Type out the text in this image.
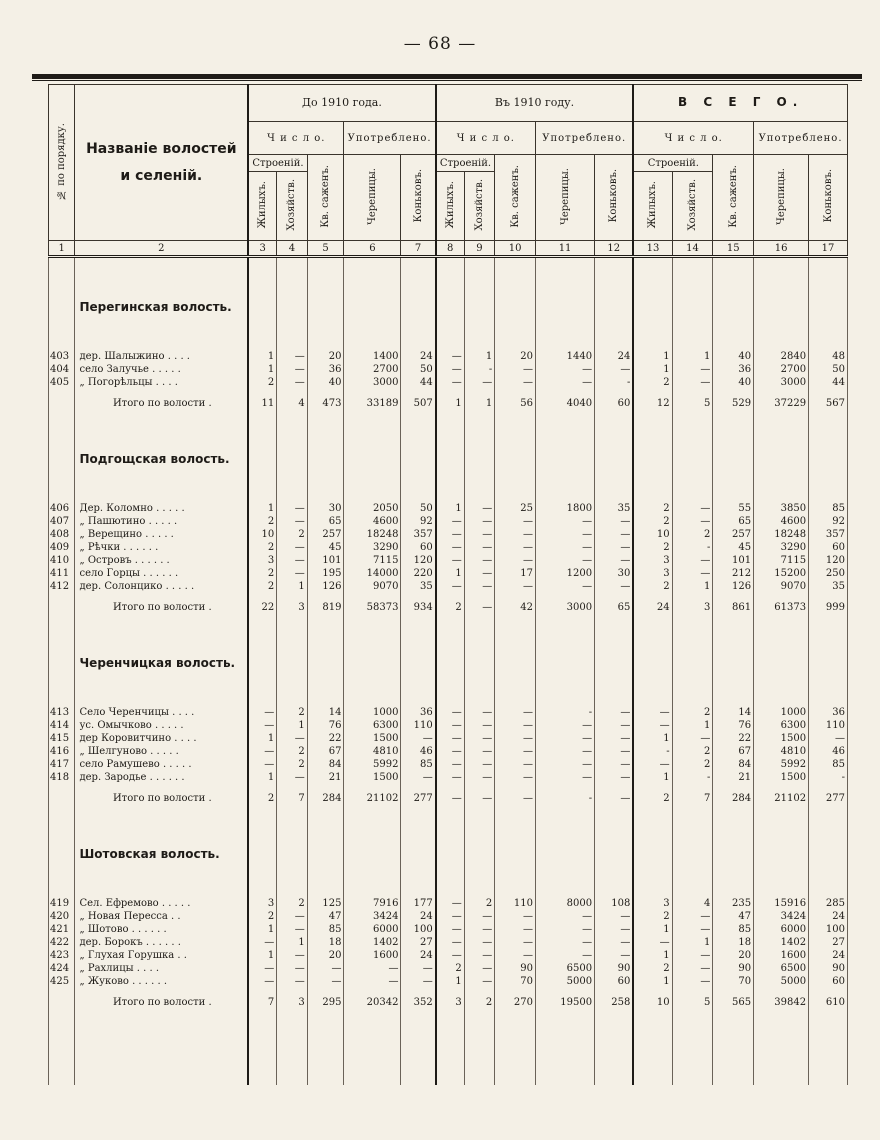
— 68 —
№ по порядку.	Названіе волостей
и селеній.	До 1910 года.					Въ 1910 году.					В С Е Г О.				
		Ч и с л о.			Употреблено.		Ч и с л о.			Употреблено.		Ч и с л о.			Употреблено.	
		Строеній.		Кв. саженъ.	Черепицы.	Коньковъ.	Строеній.		Кв. саженъ.	Черепицы.	Коньковъ.	Строеній.		Кв. саженъ.	Черепицы.	Коньковъ.
		Жилыхъ.	Хозяйств.				Жилыхъ.	Хозяйств.				Жилыхъ.	Хозяйств.			
1	2	3	4	5	6	7	8	9	10	11	12	13	14	15	16	17

	Перегинская волость.															

403	дер. Шалыжино . . . .	1	—	20	1400	24	—	1	20	1440	24	1	1	40	2840	48
404	село Залучье . . . . .	1	—	36	2700	50	—	-	—	—	—	1	—	36	2700	50
405	„ Погорѣльцы . . . .	2	—	40	3000	44	—	—	—	—	-	2	—	40	3000	44

	Итого по волости .	11	4	473	33189	507	1	1	56	4040	60	12	5	529	37229	567

	Подгощская волость.															

406	Дер. Коломно . . . . .	1	—	30	2050	50	1	—	25	1800	35	2	—	55	3850	85
407	„ Пашютино . . . . .	2	—	65	4600	92	—	—	—	—	—	2	—	65	4600	92
408	„ Верещино . . . . .	10	2	257	18248	357	—	—	—	—	—	10	2	257	18248	357
409	„ Рѣчки . . . . . .	2	—	45	3290	60	—	—	—	—	—	2	-	45	3290	60
410	„ Островъ . . . . . .	3	—	101	7115	120	—	—	—	—	—	3	—	101	7115	120
411	село Горцы . . . . . .	2	—	195	14000	220	1	—	17	1200	30	3	—	212	15200	250
412	дер. Солонцико . . . . .	2	1	126	9070	35	—	—	—	—	—	2	1	126	9070	35

	Итого по волости .	22	3	819	58373	934	2	—	42	3000	65	24	3	861	61373	999

	Черенчицкая волость.															

413	Село Черенчицы . . . .	—	2	14	1000	36	—	—	—	-	—	—	2	14	1000	36
414	ус. Омычково . . . . .	—	1	76	6300	110	—	—	—	—	—	—	1	76	6300	110
415	дер Коровитчино . . . .	1	—	22	1500	—	—	—	—	—	—	1	—	22	1500	—
416	„ Шелгуново . . . . .	—	2	67	4810	46	—	—	—	—	—	-	2	67	4810	46
417	село Рамушево . . . . .	—	2	84	5992	85	—	—	—	—	—	—	2	84	5992	85
418	дер. Зародье . . . . . .	1	—	21	1500	—	—	—	—	—	—	1	-	21	1500	-

	Итого по волости .	2	7	284	21102	277	—	—	—	-	—	2	7	284	21102	277

	Шотовская волость.															

419	Сел. Ефремово . . . . .	3	2	125	7916	177	—	2	110	8000	108	3	4	235	15916	285
420	„ Новая Пересса . .	2	—	47	3424	24	—	—	—	—	—	2	—	47	3424	24
421	„ Шотово . . . . . .	1	—	85	6000	100	—	—	—	—	—	1	—	85	6000	100
422	дер. Борокъ . . . . . .	—	1	18	1402	27	—	—	—	—	—	—	1	18	1402	27
423	„ Глухая Горушка . .	1	—	20	1600	24	—	—	—	—	—	1	—	20	1600	24
424	„ Рахлицы . . . .	—	—	—	—	—	2	—	90	6500	90	2	—	90	6500	90
425	„ Жуково . . . . . .	—	—	—	—	—	1	—	70	5000	60	1	—	70	5000	60

	Итого по волости .	7	3	295	20342	352	3	2	270	19500	258	10	5	565	39842	610
